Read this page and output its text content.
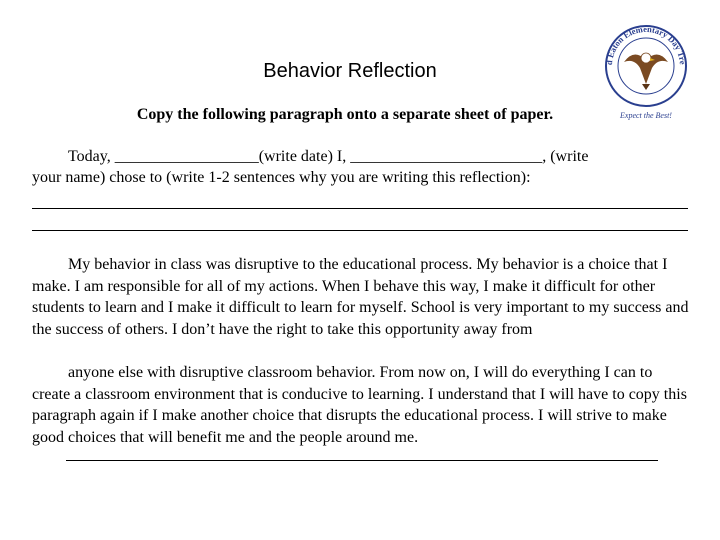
Behavior Reflection
Copy the following paragraph onto a separate sheet of paper.
d Eaton Elementary Day Tre
Expect the Best!
Today, __________________(write date) I, ________________________, (write
your name) chose to (write 1-2 sentences why you are writing this reflection):
My behavior in class was disruptive to the educational process. My behavior is a choice that I make. I am responsible for all of my actions. When I behave this way, I make it difficult for other students to learn and I make it difficult to learn for myself. School is very important to my success and the success of others. I don’t have the right to take this opportunity away from
anyone else with disruptive classroom behavior. From now on, I will do everything I can to create a classroom environment that is conducive to learning. I understand that I will have to copy this paragraph again if I make another choice that disrupts the educational process. I will strive to make good choices that will benefit me and the people around me.
